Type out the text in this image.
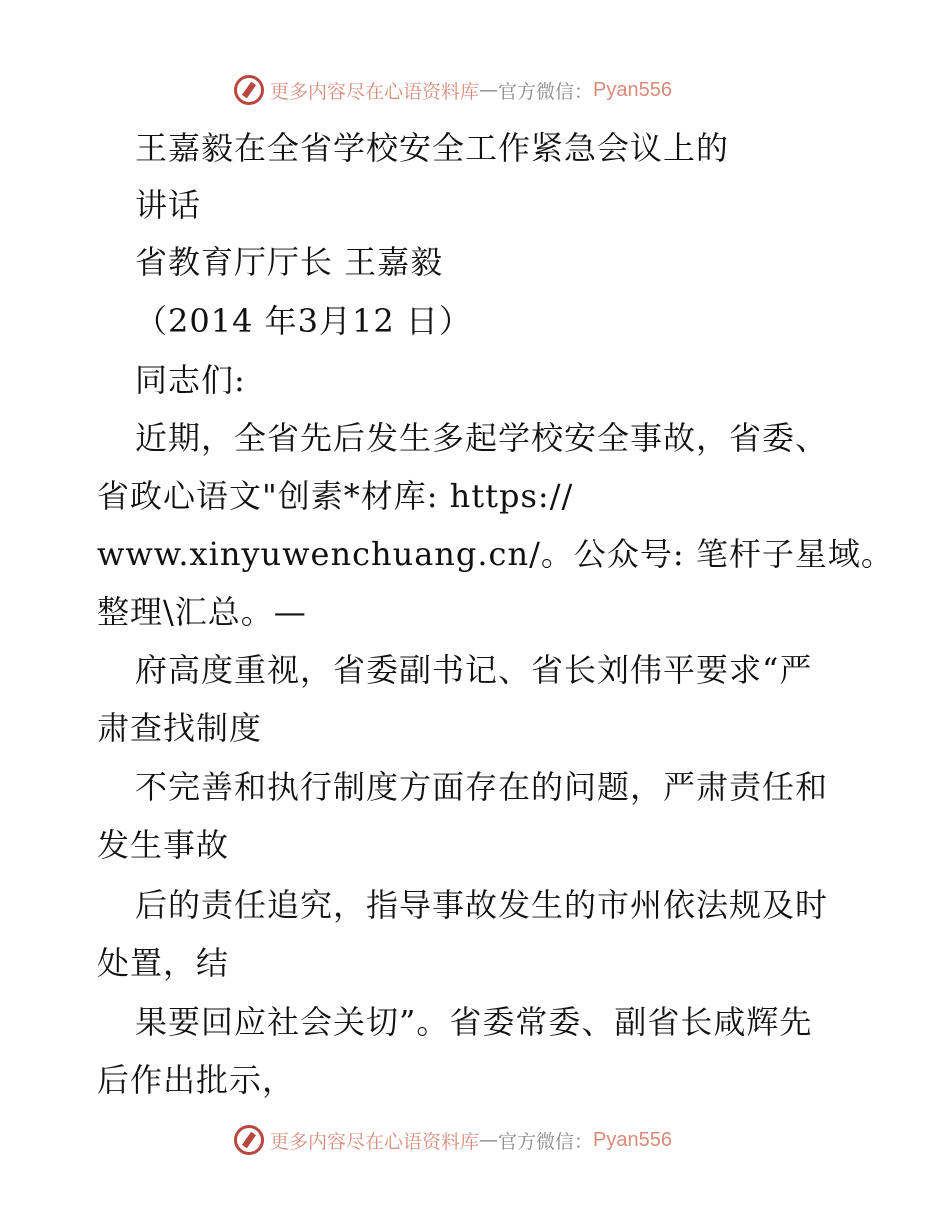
更多内容尽在心语资料库 — 官方微信： Pyan556
王嘉毅在全省学校安全工作紧急会议上的
讲话
省教育厅厅长 王嘉毅
（2014 年3月12 日）
同志们:
近期，全省先后发生多起学校安全事故，省委、
省政心语文"创素*材库: https://
www.xinyuwenchuang.cn/。公众号: 笔杆子星域。
整理\汇总。—
府高度重视，省委副书记、省长刘伟平要求“严
肃查找制度
不完善和执行制度方面存在的问题，严肃责任和
发生事故
后的责任追究，指导事故发生的市州依法规及时
处置，结
果要回应社会关切”。省委常委、副省长咸辉先
后作出批示，
更多内容尽在心语资料库 — 官方微信： Pyan556
